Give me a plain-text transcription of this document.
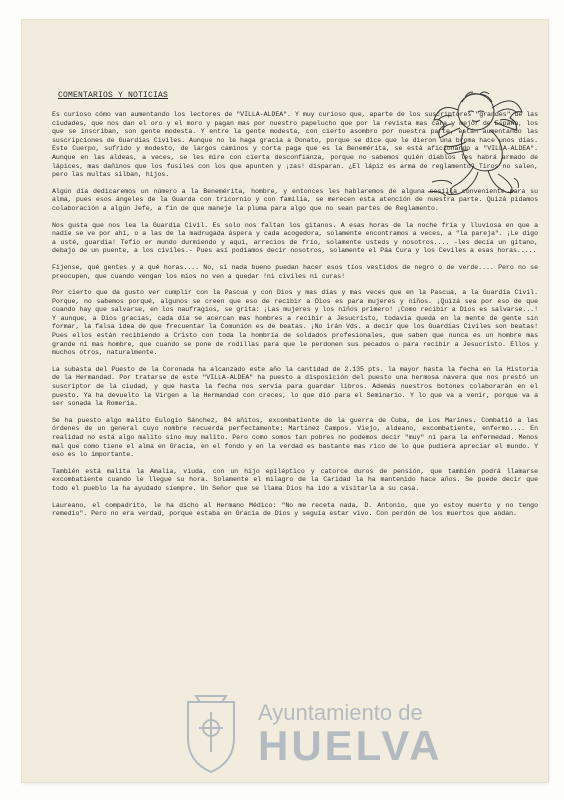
COMENTARIOS Y NOTICIAS

Es curioso cómo van aumentando los lectores de "VILLA-ALDEA". Y muy curioso que, aparte de los suscriptores "grandes" de las ciudades, que nos dan el oro y el moro y pagan mas por nuestro papelucho que por la revista mas cara y mejor de España, los que se inscriban, son gente modesta. Y entre la gente modesta, con cierto asombro por nuestra parte, están aumentando las suscripciones de Guardias Civiles. Aunque no le haga gracia a Donato, porque se dice que le dieron una broma hace unos días. Este Cuerpo, sufrido y modesto, de largos caminos y corta paga que es la Benemérita, se está aficionando a "VILLA-ALDEA". Aunque en las aldeas, a veces, se les mire con cierta desconfianza, porque no sabemos quién diablos les habrá armado de lápices, mas dañinos que los fusiles con los que apunten y ¡zas! disparan. ¿El lápiz es arma de reglamento? Tiros no salen, pero las multas silban, hijos.

Algún día dedicaremos un número a la Benemérita, hombre, y entonces les hablaremos de alguna cosilla conveniente para su alma, pues esos ángeles de la Guarda con tricornio y con familia, se merecen esta atención de nuestra parte. Quizá pidamos colaboración a algún Jefe, a fin de que maneje la pluma para algo que no sean partes de Reglamento.

Nos gusta que nos lea la Guardia Civil. Es solo nos faltan los gitanos. A esas horas de la noche fría y lluviosa en que a nadie se ve por ahí, o a las de la madrugada áspera y cada acogedora, solamente encontramos a veces, a "la pareja". ¡Le digo a usté, guardia! Tefio er mundo durmiendo y aquí, arrecios de frío, solamente usteds y nosotros.... -les decía un gitano, debajo de un puente, a los civiles.- Pues así podíamos decir nosotros, solamente el Páa Cura y los Ceviles a esas horas.....

Fíjense, qué gentes y a qué horas.... No, si nada bueno puedan hacer esos tíos vestidos de negro o de verde.... Pero no se preocupen, que cuando vengan los míos no ven a quedar !ni civiles ni curas!

Por cierto que da gusto ver cumplir con la Pascua y con Dios y mas días y mas veces que en la Pascua, a la Guardia Civil. Porque, no sabemos porqué, algunos se creen que eso de recibir a Dios es para mujeres y niños. ¡Quizá sea por eso de que cuando hay que salvarse, en los naufragios, se grita: ¡Las mujeres y los niños primero! ¡Como recibir a Dios es salvarse...! Y aunque, a Dios gracias, cada día se acercan mas hombres a recibir a Jesucristo, todavía queda en la mente de gente sin formar, la falsa idea de que frecuentar la Comunión es de beatas. ¡No irán Vds. a decir que los Guardias Civiles son beatas! Pues ellos están recibiendo a Cristo con toda la hombría de soldados profesionales, que saben que nunca es un hombre mas grande ni mas hombre, que cuando se pone de rodillas para que le perdonen sus pecados o para recibir a Jesucristo. Ellos y muchos otros, naturalmente.

La subasta del Puesto de la Coronada ha alcanzado este año la cantidad de 2.135 pts. la mayor hasta la fecha en la Historia de la Hermandad. Por tratarse de este "VILLA-ALDEA" ha puesto a disposición del puesto una hermosa navera que nos prestó un suscriptor de la ciudad, y que hasta la fecha nos servía para guardar libros. Además nuestros botones colaborarán en el puesto. Ya ha devuelto la Virgen a la Hermandad con creces, lo que dió para el Seminario. Y lo que va a venir, porque va a ser sonada la Romería.

Se ha puesto algo malito Eulogio Sánchez, 84 añitos, excombatiente de la guerra de Cuba, de Los Marines. Combatió a las órdenes de un general cuyo nombre recuerda perfectamente: Martínez Campos. Viejo, aldeano, excombatiente, enfermo.... En realidad no está algo malito sino muy malito. Pero como somos tan pobres no podemos decir "muy" ni para la enfermedad. Menos mal que como tiene el alma en Gracia, en el fondo y en la verdad es bastante mas rico de lo que pudiera apreciar el mundo. Y eso es lo importante.

También está malita la Amalia, viuda, con un hijo epiléptico y catorce duros de pensión, que también podrá llamarse excombatiente cuando le llegue su hora. Solamente el milagro de la Caridad la ha mantenido hace años. Se puede decir que todo el pueblo la ha ayudado siempre. Un Señor que se llama Dios ha ido a visitarla a su casa.

Laureano, el compadrito, le ha dicho al Hermano Médico: "No me receta nada, D. Antonio, que yo estoy muerto y no tengo remedio". Pero no era verdad, porque estaba en Gracia de Dios y seguía estar vivo. Con perdón de los muertos que andan.

Ayuntamiento de
HUELVA
